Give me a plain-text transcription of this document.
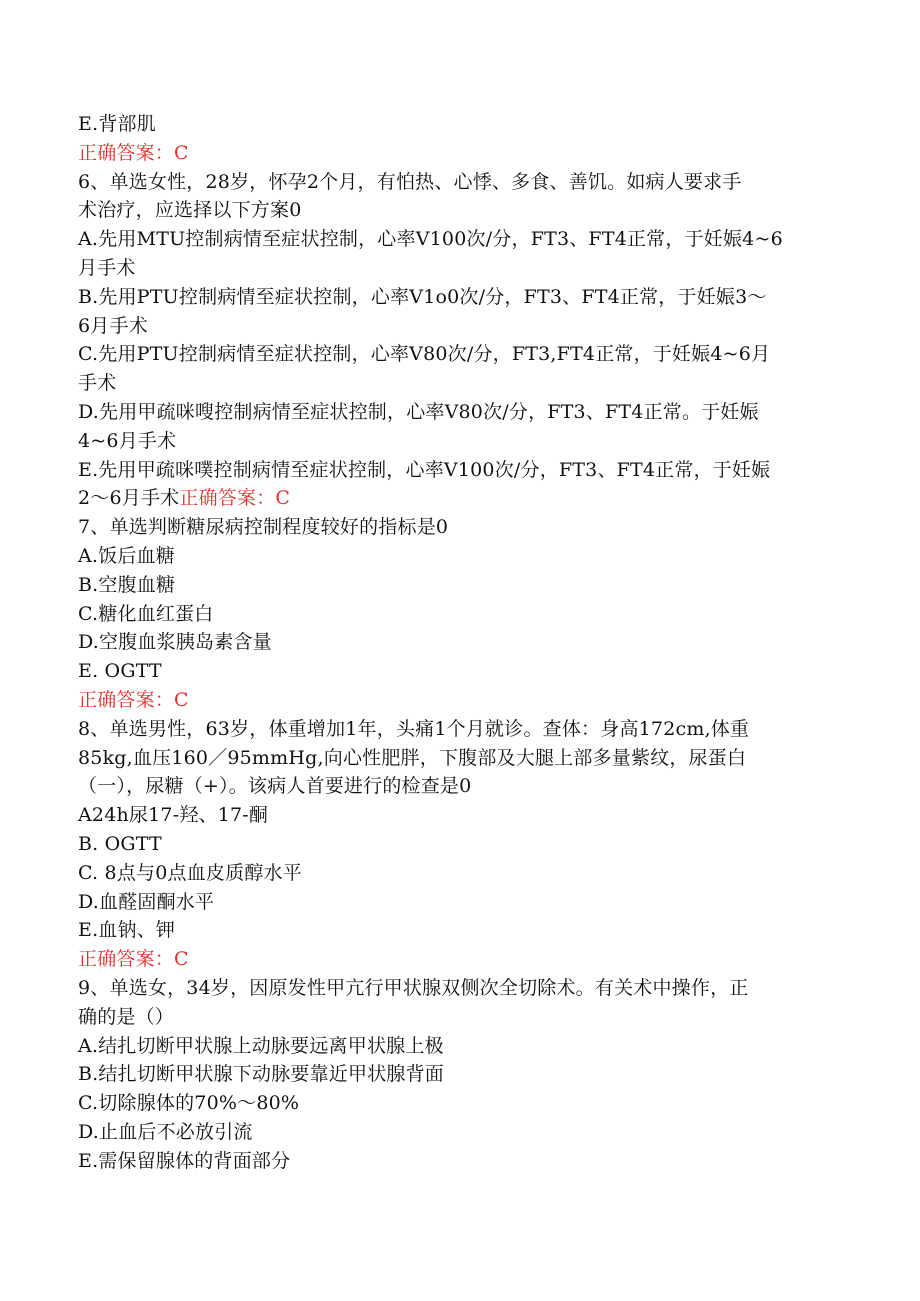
E.背部肌
正确答案：C
6、单选女性，28岁，怀孕2个月，有怕热、心悸、多食、善饥。如病人要求手
术治疗，应选择以下方案0
A.先用MTU控制病情至症状控制，心率V100次/分，FT3、FT4正常，于妊娠4~6
月手术
B.先用PTU控制病情至症状控制，心率V1o0次/分，FT3、FT4正常，于妊娠3～
6月手术
C.先用PTU控制病情至症状控制，心率V80次/分，FT3,FT4正常，于妊娠4~6月
手术
D.先用甲疏咪嗖控制病情至症状控制，心率V80次/分，FT3、FT4正常。于妊娠
4~6月手术
E.先用甲疏咪噗控制病情至症状控制，心率V100次/分，FT3、FT4正常，于妊娠
2～6月手术正确答案：C
7、单选判断糖尿病控制程度较好的指标是0
A.饭后血糖
B.空腹血糖
C.糖化血红蛋白
D.空腹血浆胰岛素含量
E. OGTT
正确答案：C
8、单选男性，63岁，体重增加1年，头痛1个月就诊。查体：身高172cm,体重
85kg,血压160／95mmHg,向心性肥胖，下腹部及大腿上部多量紫纹，尿蛋白
（一），尿糖（+）。该病人首要进行的检查是0
A24h尿17-羟、17-酮
B. OGTT
C. 8点与0点血皮质醇水平
D.血醛固酮水平
E.血钠、钾
正确答案：C
9、单选女，34岁，因原发性甲亢行甲状腺双侧次全切除术。有关术中操作，正
确的是（）
A.结扎切断甲状腺上动脉要远离甲状腺上极
B.结扎切断甲状腺下动脉要靠近甲状腺背面
C.切除腺体的70%～80%
D.止血后不必放引流
E.需保留腺体的背面部分
